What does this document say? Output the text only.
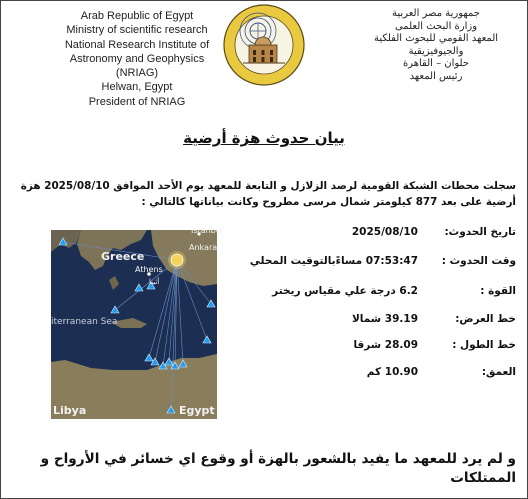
Arab Republic of Egypt
Ministry of scientific research
National Research Institute of
Astronomy and Geophysics
(NRIAG)
Helwan, Egypt
President of NRIAG
جمهورية مصر العربية
وزارة البحث العلمى
المعهد القومي للبحوث الفلكية
والجيوفيزيقية
حلوان – القاهرة
رئيس المعهد
بيان حدوث هزة أرضية
سجلت محطات الشبكة القومية لرصد الزلازل و التابعة للمعهد يوم الأحد الموافق 2025/08/10 هزة أرضية على بعد 877 كيلومتر شمال مرسى مطروح وكانت بياناتها كالتالي :
Istanbul
Ankara
Greece
Athens
أثينا
iterranean Sea
Libya	Egypt
تاريخ الحدوث:
2025/08/10
وقت الحدوث :
07:53:47 مساءًبالتوقيت المحلي
القوة :
6.2 درجة علي مقياس ريختر
خط العرض:
39.19 شمالا
خط الطول :
28.09 شرقا
العمق:
10.90 كم
و لم يرد للمعهد ما يفيد بالشعور بالهزة أو وقوع اي خسائر في الأرواح و الممتلكات
